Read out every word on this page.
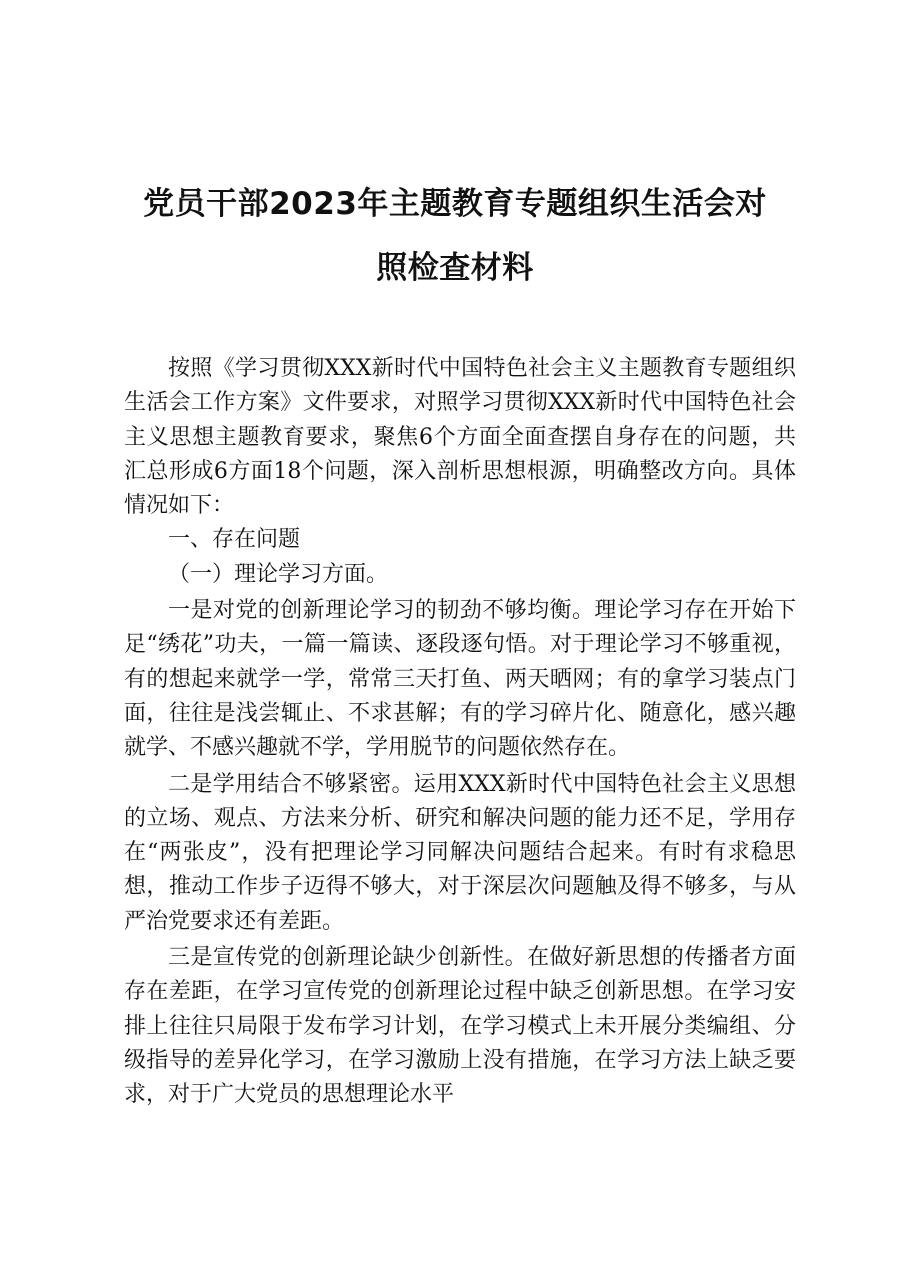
党员干部2023年主题教育专题组织生活会对
照检查材料

按照《学习贯彻XXX新时代中国特色社会主义主题教育专题组织生活会工作方案》文件要求，对照学习贯彻XXX新时代中国特色社会主义思想主题教育要求，聚焦6个方面全面查摆自身存在的问题，共汇总形成6方面18个问题，深入剖析思想根源，明确整改方向。具体情况如下：

一、存在问题

（一）理论学习方面。

一是对党的创新理论学习的韧劲不够均衡。理论学习存在开始下足“绣花”功夫，一篇一篇读、逐段逐句悟。对于理论学习不够重视，有的想起来就学一学，常常三天打鱼、两天晒网；有的拿学习装点门面，往往是浅尝辄止、不求甚解；有的学习碎片化、随意化，感兴趣就学、不感兴趣就不学，学用脱节的问题依然存在。

二是学用结合不够紧密。运用XXX新时代中国特色社会主义思想的立场、观点、方法来分析、研究和解决问题的能力还不足，学用存在“两张皮”，没有把理论学习同解决问题结合起来。有时有求稳思想，推动工作步子迈得不够大，对于深层次问题触及得不够多，与从严治党要求还有差距。

三是宣传党的创新理论缺少创新性。在做好新思想的传播者方面存在差距，在学习宣传党的创新理论过程中缺乏创新思想。在学习安排上往往只局限于发布学习计划，在学习模式上未开展分类编组、分级指导的差异化学习，在学习激励上没有措施，在学习方法上缺乏要求，对于广大党员的思想理论水平
